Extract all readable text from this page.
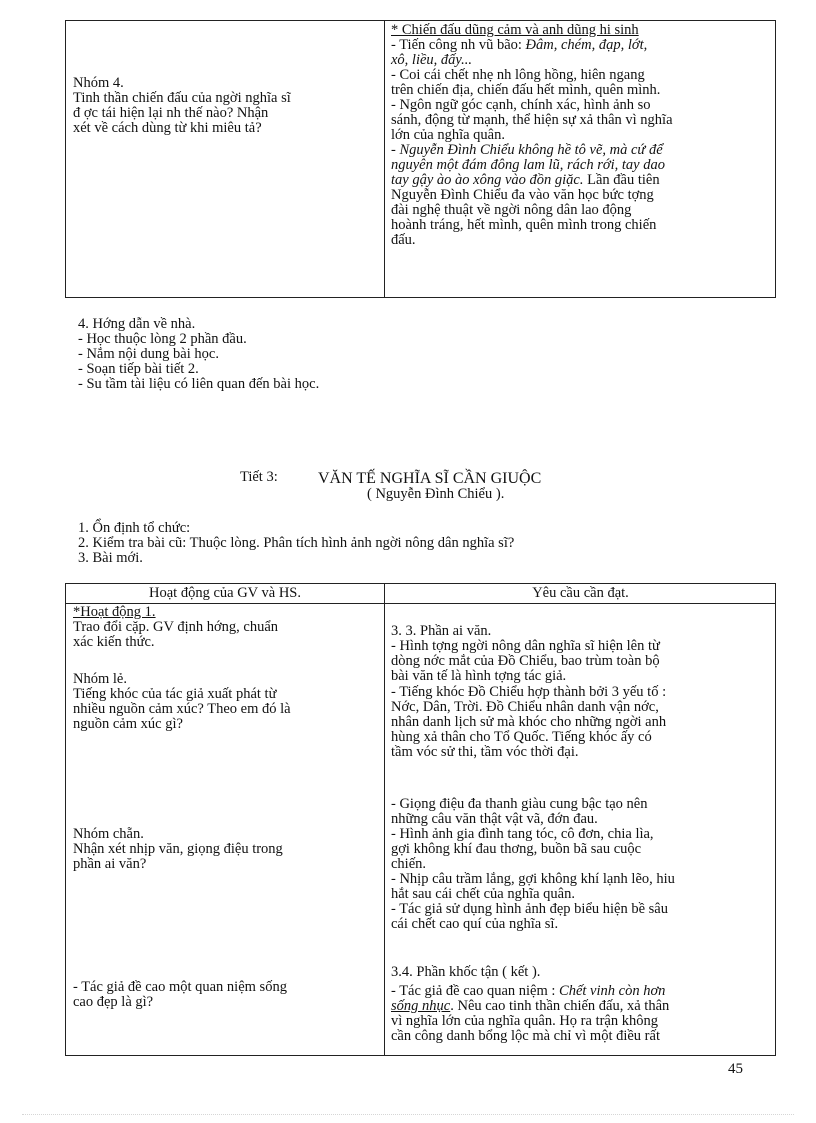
Nhóm 4.
Tinh thần chiến đấu của ngời nghĩa sĩ
đ ợc tái hiện lại nh thế nào? Nhận
xét về cách dùng từ khi miêu tả?
* Chiến đấu dũng cảm và anh dũng hi sinh
- Tiến công nh vũ bão: Đâm, chém, đạp, lớt,
xô, liều, đấy...
- Coi cái chết nhẹ nh lông hồng, hiên ngang
trên chiến địa, chiến đấu hết mình, quên mình.
- Ngôn ngữ góc cạnh, chính xác, hình ảnh so
sánh, động từ mạnh, thể hiện sự xả thân vì nghĩa
lớn của nghĩa quân.
- Nguyễn Đình Chiểu không hề tô vẽ, mà cứ để
nguyên một đám đông lam lũ, rách rới, tay dao
tay gậy ào ào xông vào đồn giặc. Lần đầu tiên
Nguyễn Đình Chiểu đa vào văn học bức tợng
đài nghệ thuật về ngời nông dân lao động
hoành tráng, hết mình, quên mình trong chiến
đấu.
4. Hớng dẫn về nhà.
- Học thuộc lòng 2 phần đầu.
- Nắm nội dung bài học.
- Soạn tiếp bài tiết 2.
- Su tầm tài liệu có liên quan đến bài học.
Tiết 3:	VĂN TẾ NGHĨA SĨ CẦN GIUỘC
( Nguyễn Đình Chiểu ).
1. Ổn định tổ chức:
2. Kiểm tra bài cũ: Thuộc lòng. Phân tích hình ảnh ngời nông dân nghĩa sĩ?
3. Bài mới.
Hoạt động của GV và HS.	Yêu cầu cần đạt.
*Hoạt động 1.
Trao đổi cặp. GV định hớng, chuẩn
xác kiến thức.
Nhóm lẻ.
Tiếng khóc của tác giả xuất phát từ
nhiều nguồn cảm xúc? Theo em đó là
nguồn cảm xúc gì?
Nhóm chẵn.
Nhận xét nhịp văn, giọng điệu trong
phần ai văn?
- Tác giả đề cao một quan niệm sống
cao đẹp là gì?
3. 3. Phần ai văn.
- Hình tợng ngời nông dân nghĩa sĩ hiện lên từ
dòng nớc mắt của Đồ Chiểu, bao trùm toàn bộ
bài văn tế là hình tợng tác giả.
- Tiếng khóc Đồ Chiểu hợp thành bởi 3 yếu tố :
Nớc, Dân, Trời. Đồ Chiểu nhân danh vận nớc,
nhân danh lịch sử mà khóc cho những ngời anh
hùng xả thân cho Tổ Quốc. Tiếng khóc ấy có
tầm vóc sử thi, tầm vóc thời đại.
- Giọng điệu đa thanh giàu cung bậc tạo nên
những câu văn thật vật vã, đớn đau.
- Hình ảnh gia đình tang tóc, cô đơn, chia lìa,
gợi không khí đau thơng, buồn bã sau cuộc
chiến.
- Nhịp câu trầm lắng, gợi không khí lạnh lẽo, hiu
hắt sau cái chết của nghĩa quân.
- Tác giả sử dụng hình ảnh đẹp biểu hiện bề sâu
cái chết cao quí của nghĩa sĩ.
3.4. Phần khốc tận ( kết ).
- Tác giả đề cao quan niệm : Chết vinh còn hơn
sống nhục. Nêu cao tinh thần chiến đấu, xả thân
vì nghĩa lớn của nghĩa quân. Họ ra trận không
cần công danh bổng lộc mà chỉ vì một điều rất
45
